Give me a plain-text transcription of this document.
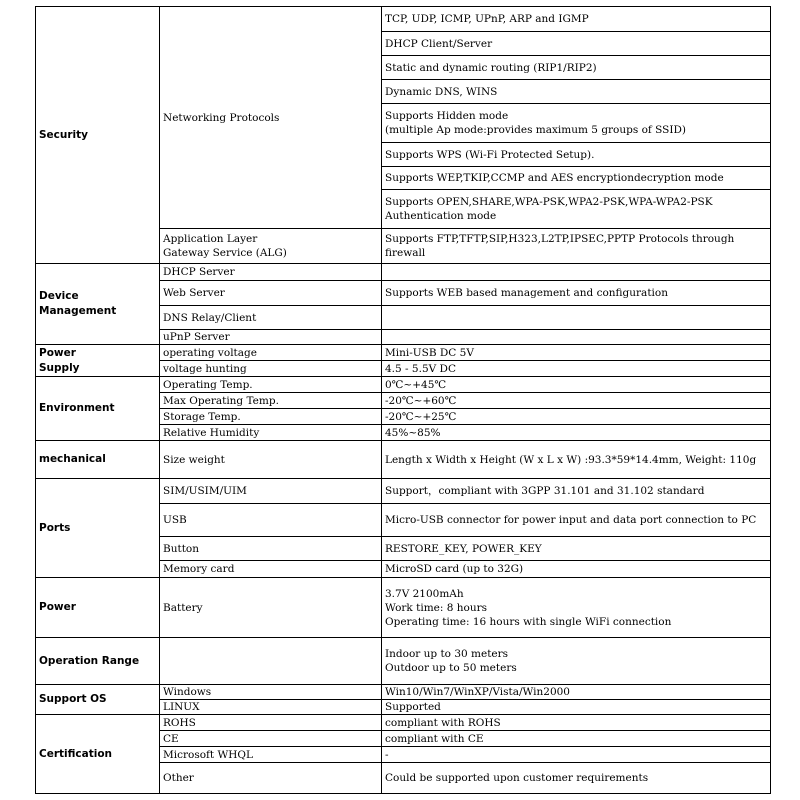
Security	Networking Protocols	TCP, UDP, ICMP, UPnP, ARP and IGMP

		DHCP Client/Server

		Static and dynamic routing (RIP1/RIP2)

		Dynamic DNS, WINS

		Supports Hidden mode
(multiple Ap mode:provides maximum 5 groups of SSID)

		Supports WPS (Wi-Fi Protected Setup).

		Supports WEP,TKIP,CCMP and AES encryptiondecryption mode

		Supports OPEN,SHARE,WPA-PSK,WPA2-PSK,WPA-WPA2-PSK
Authentication mode

	Application Layer
Gateway Service (ALG)	Supports FTP,TFTP,SIP,H323,L2TP,IPSEC,PPTP Protocols through
firewall

Device
Management	DHCP Server	

	Web Server	Supports WEB based management and configuration

	DNS Relay/Client	

	uPnP Server	

Power
Supply	operating voltage	Mini-USB DC 5V

	voltage hunting	4.5 - 5.5V DC

Environment	Operating Temp.	0℃~+45℃

	Max Operating Temp.	-20℃~+60℃

	Storage Temp.	-20℃~+25℃

	Relative Humidity	45%~85%

mechanical	Size weight	Length x Width x Height (W x L x W) :93.3*59*14.4mm, Weight: 110g

Ports	SIM/USIM/UIM	Support，compliant with 3GPP 31.101 and 31.102 standard

	USB	Micro-USB connector for power input and data port connection to PC

	Button	RESTORE_KEY, POWER_KEY

	Memory card	MicroSD card (up to 32G)

Power	Battery	3.7V 2100mAh
Work time: 8 hours
Operating time: 16 hours with single WiFi connection

Operation Range		Indoor up to 30 meters
Outdoor up to 50 meters

Support OS	Windows	Win10/Win7/WinXP/Vista/Win2000

	LINUX	Supported

Certification	ROHS	compliant with ROHS

	CE	compliant with CE

	Microsoft WHQL	-

	Other	Could be supported upon customer requirements
